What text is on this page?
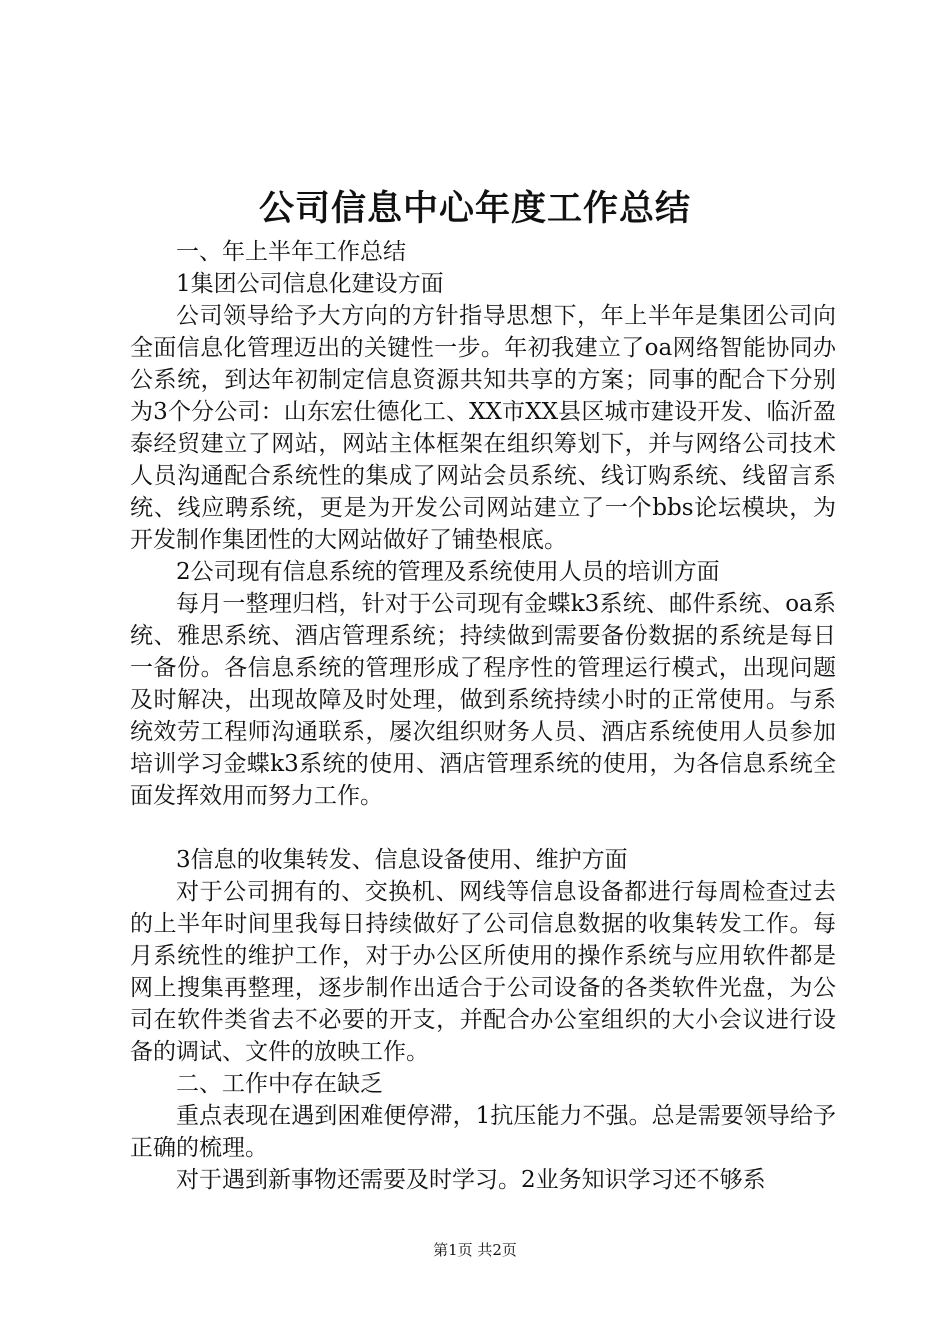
公司信息中心年度工作总结

一、年上半年工作总结

1集团公司信息化建设方面

公司领导给予大方向的方针指导思想下，年上半年是集团公司向全面信息化管理迈出的关键性一步。年初我建立了oa网络智能协同办公系统，到达年初制定信息资源共知共享的方案；同事的配合下分别为3个分公司：山东宏仕德化工、XX市XX县区城市建设开发、临沂盈泰经贸建立了网站，网站主体框架在组织筹划下，并与网络公司技术人员沟通配合系统性的集成了网站会员系统、线订购系统、线留言系统、线应聘系统，更是为开发公司网站建立了一个bbs论坛模块，为开发制作集团性的大网站做好了铺垫根底。

2公司现有信息系统的管理及系统使用人员的培训方面

每月一整理归档，针对于公司现有金蝶k3系统、邮件系统、oa系统、雅思系统、酒店管理系统；持续做到需要备份数据的系统是每日一备份。各信息系统的管理形成了程序性的管理运行模式，出现问题及时解决，出现故障及时处理，做到系统持续小时的正常使用。与系统效劳工程师沟通联系，屡次组织财务人员、酒店系统使用人员参加培训学习金蝶k3系统的使用、酒店管理系统的使用，为各信息系统全面发挥效用而努力工作。

3信息的收集转发、信息设备使用、维护方面

对于公司拥有的、交换机、网线等信息设备都进行每周检查过去的上半年时间里我每日持续做好了公司信息数据的收集转发工作。每月系统性的维护工作，对于办公区所使用的操作系统与应用软件都是网上搜集再整理，逐步制作出适合于公司设备的各类软件光盘，为公司在软件类省去不必要的开支，并配合办公室组织的大小会议进行设备的调试、文件的放映工作。

二、工作中存在缺乏

重点表现在遇到困难便停滞，1抗压能力不强。总是需要领导给予正确的梳理。

对于遇到新事物还需要及时学习。2业务知识学习还不够系

第1页 共2页
